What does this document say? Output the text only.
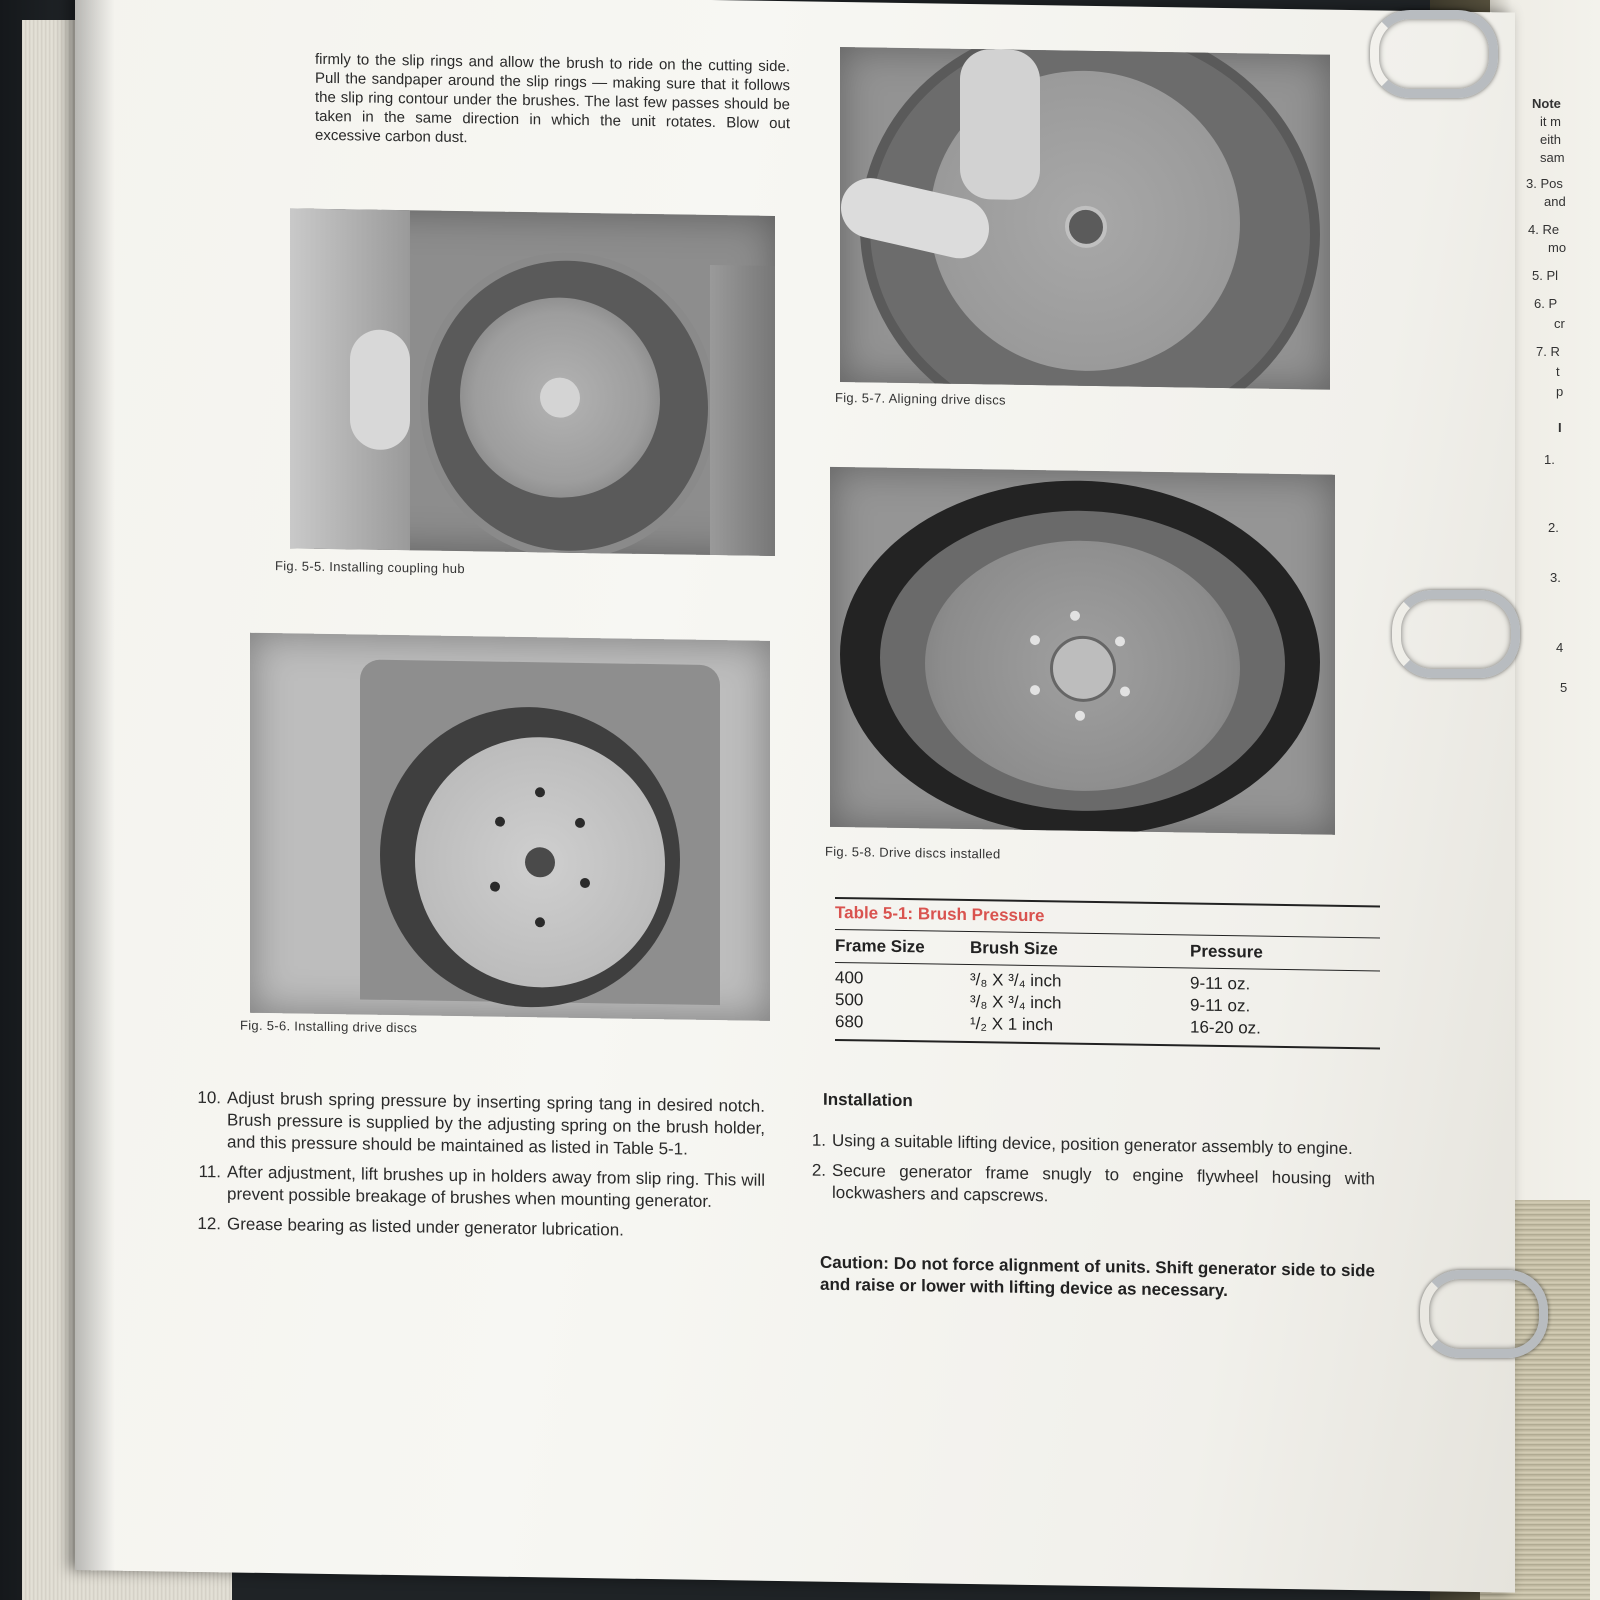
Note
it m
eith
sam
3. Pos
and
4. Re
mo
5. Pl
6. P
cr
7. R
t
p
I
1.
2.
3.
4
5
firmly to the slip rings and allow the brush to ride on the cutting side. Pull the sandpaper around the slip rings — making sure that it follows the slip ring contour under the brushes. The last few passes should be taken in the same direction in which the unit rotates. Blow out excessive carbon dust.
Fig. 5-5. Installing coupling hub
Fig. 5-6. Installing drive discs
Fig. 5-7. Aligning drive discs
Fig. 5-8. Drive discs installed
Table 5-1: Brush Pressure
Frame Size	Brush Size	Pressure
400	³/₈ X ³/₄ inch	9-11 oz.
500	³/₈ X ³/₄ inch	9-11 oz.
680	¹/₂ X 1 inch	16-20 oz.
10. Adjust brush spring pressure by inserting spring tang in desired notch. Brush pressure is supplied by the adjusting spring on the brush holder, and this pressure should be maintained as listed in Table 5-1.
11. After adjustment, lift brushes up in holders away from slip ring. This will prevent possible breakage of brushes when mounting generator.
12. Grease bearing as listed under generator lubrication.
Installation
1. Using a suitable lifting device, position generator assembly to engine.
2. Secure generator frame snugly to engine flywheel housing with lockwashers and capscrews.
Caution: Do not force alignment of units. Shift generator side to side and raise or lower with lifting device as necessary.
